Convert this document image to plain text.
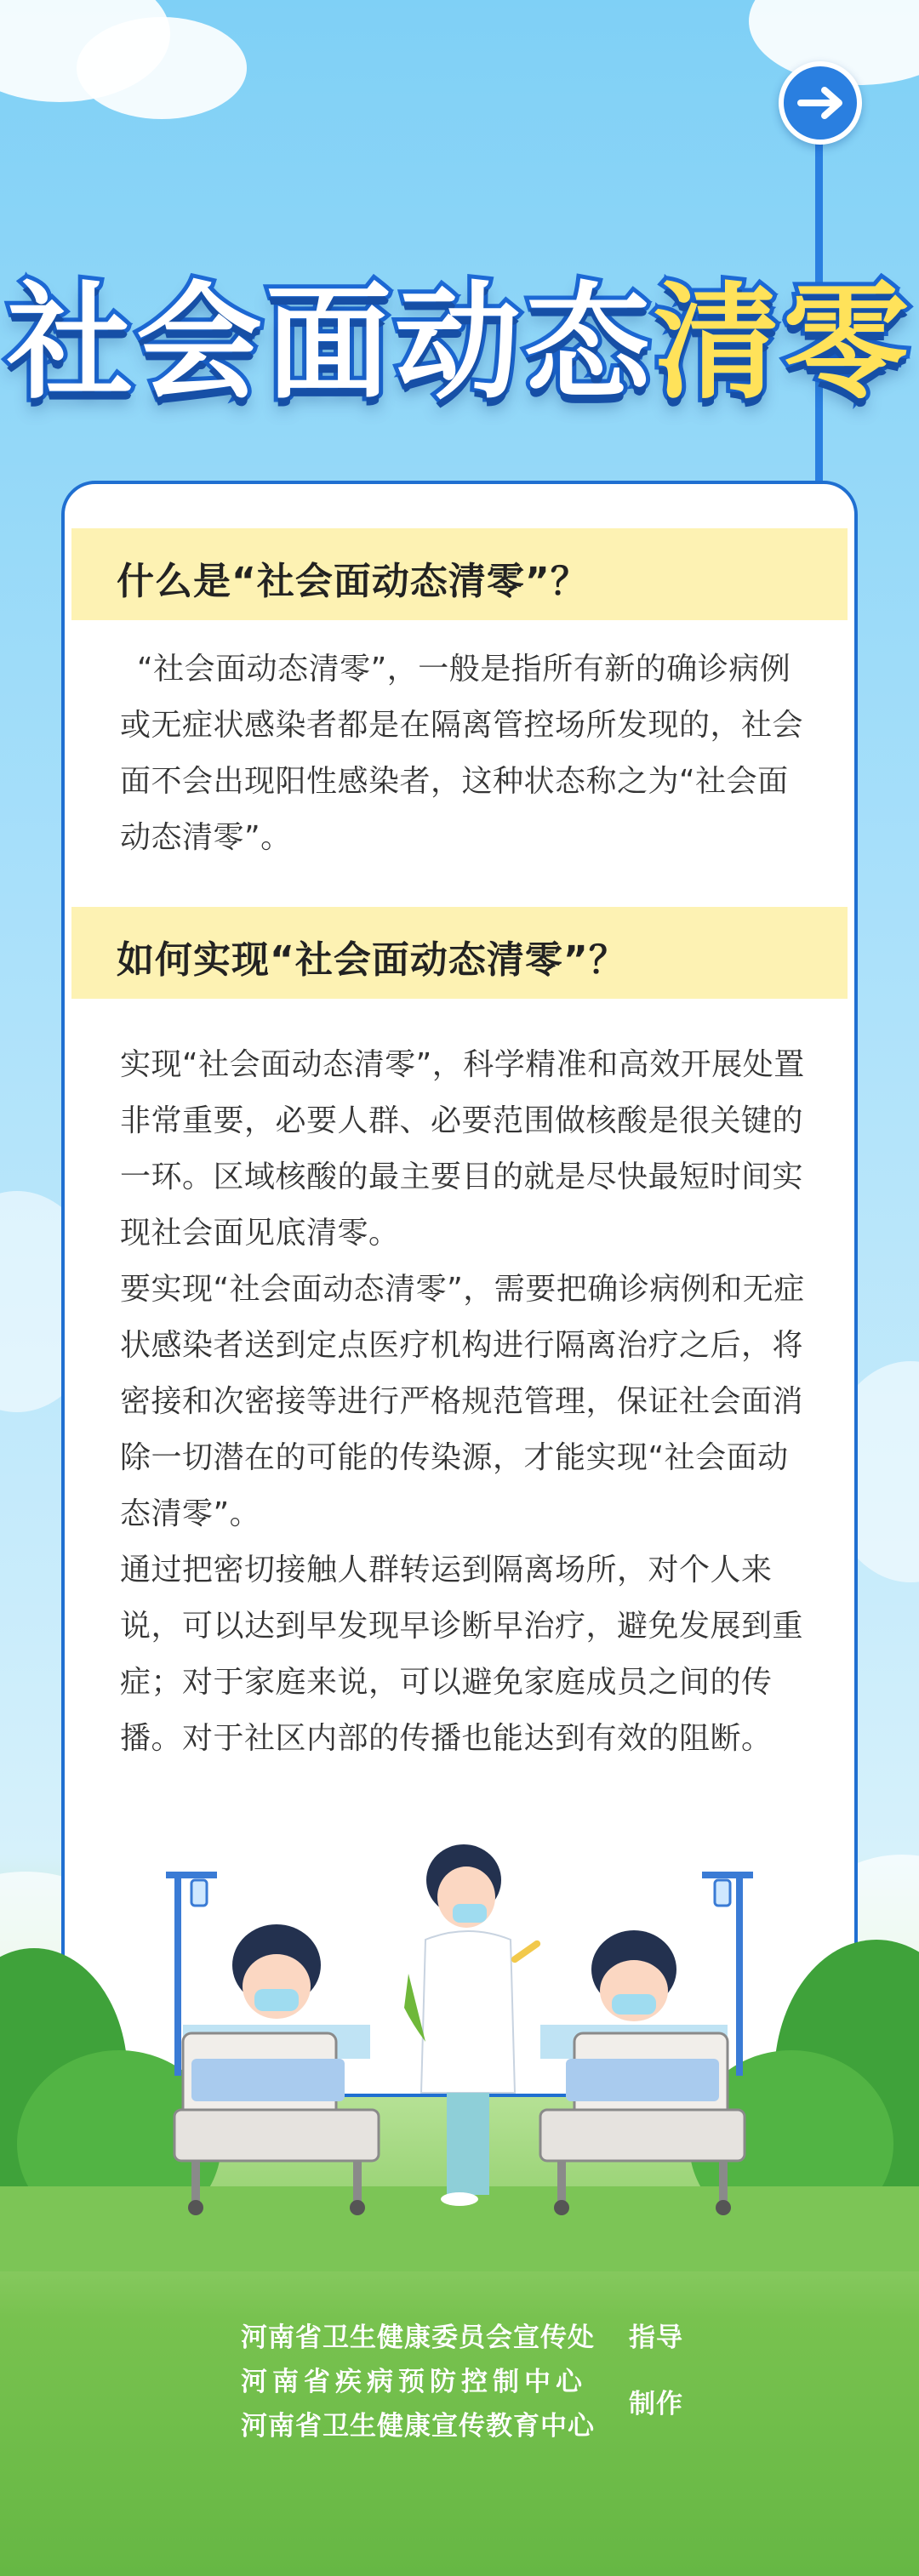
社会面动态清零
什么是“社会面动态清零”？

“社会面动态清零”，一般是指所有新的确诊病例或无症状感染者都是在隔离管控场所发现的，社会面不会出现阳性感染者，这种状态称之为“社会面动态清零”。

如何实现“社会面动态清零”？

实现“社会面动态清零”，科学精准和高效开展处置非常重要，必要人群、必要范围做核酸是很关键的一环。区域核酸的最主要目的就是尽快最短时间实现社会面见底清零。

要实现“社会面动态清零”，需要把确诊病例和无症状感染者送到定点医疗机构进行隔离治疗之后，将密接和次密接等进行严格规范管理，保证社会面消除一切潜在的可能的传染源，才能实现“社会面动态清零”。

通过把密切接触人群转运到隔离场所，对个人来说，可以达到早发现早诊断早治疗，避免发展到重症；对于家庭来说，可以避免家庭成员之间的传播。对于社区内部的传播也能达到有效的阻断。

河南省卫生健康委员会宣传处 指导
河南省疾病预防控制中心
河南省卫生健康宣传教育中心
制作
